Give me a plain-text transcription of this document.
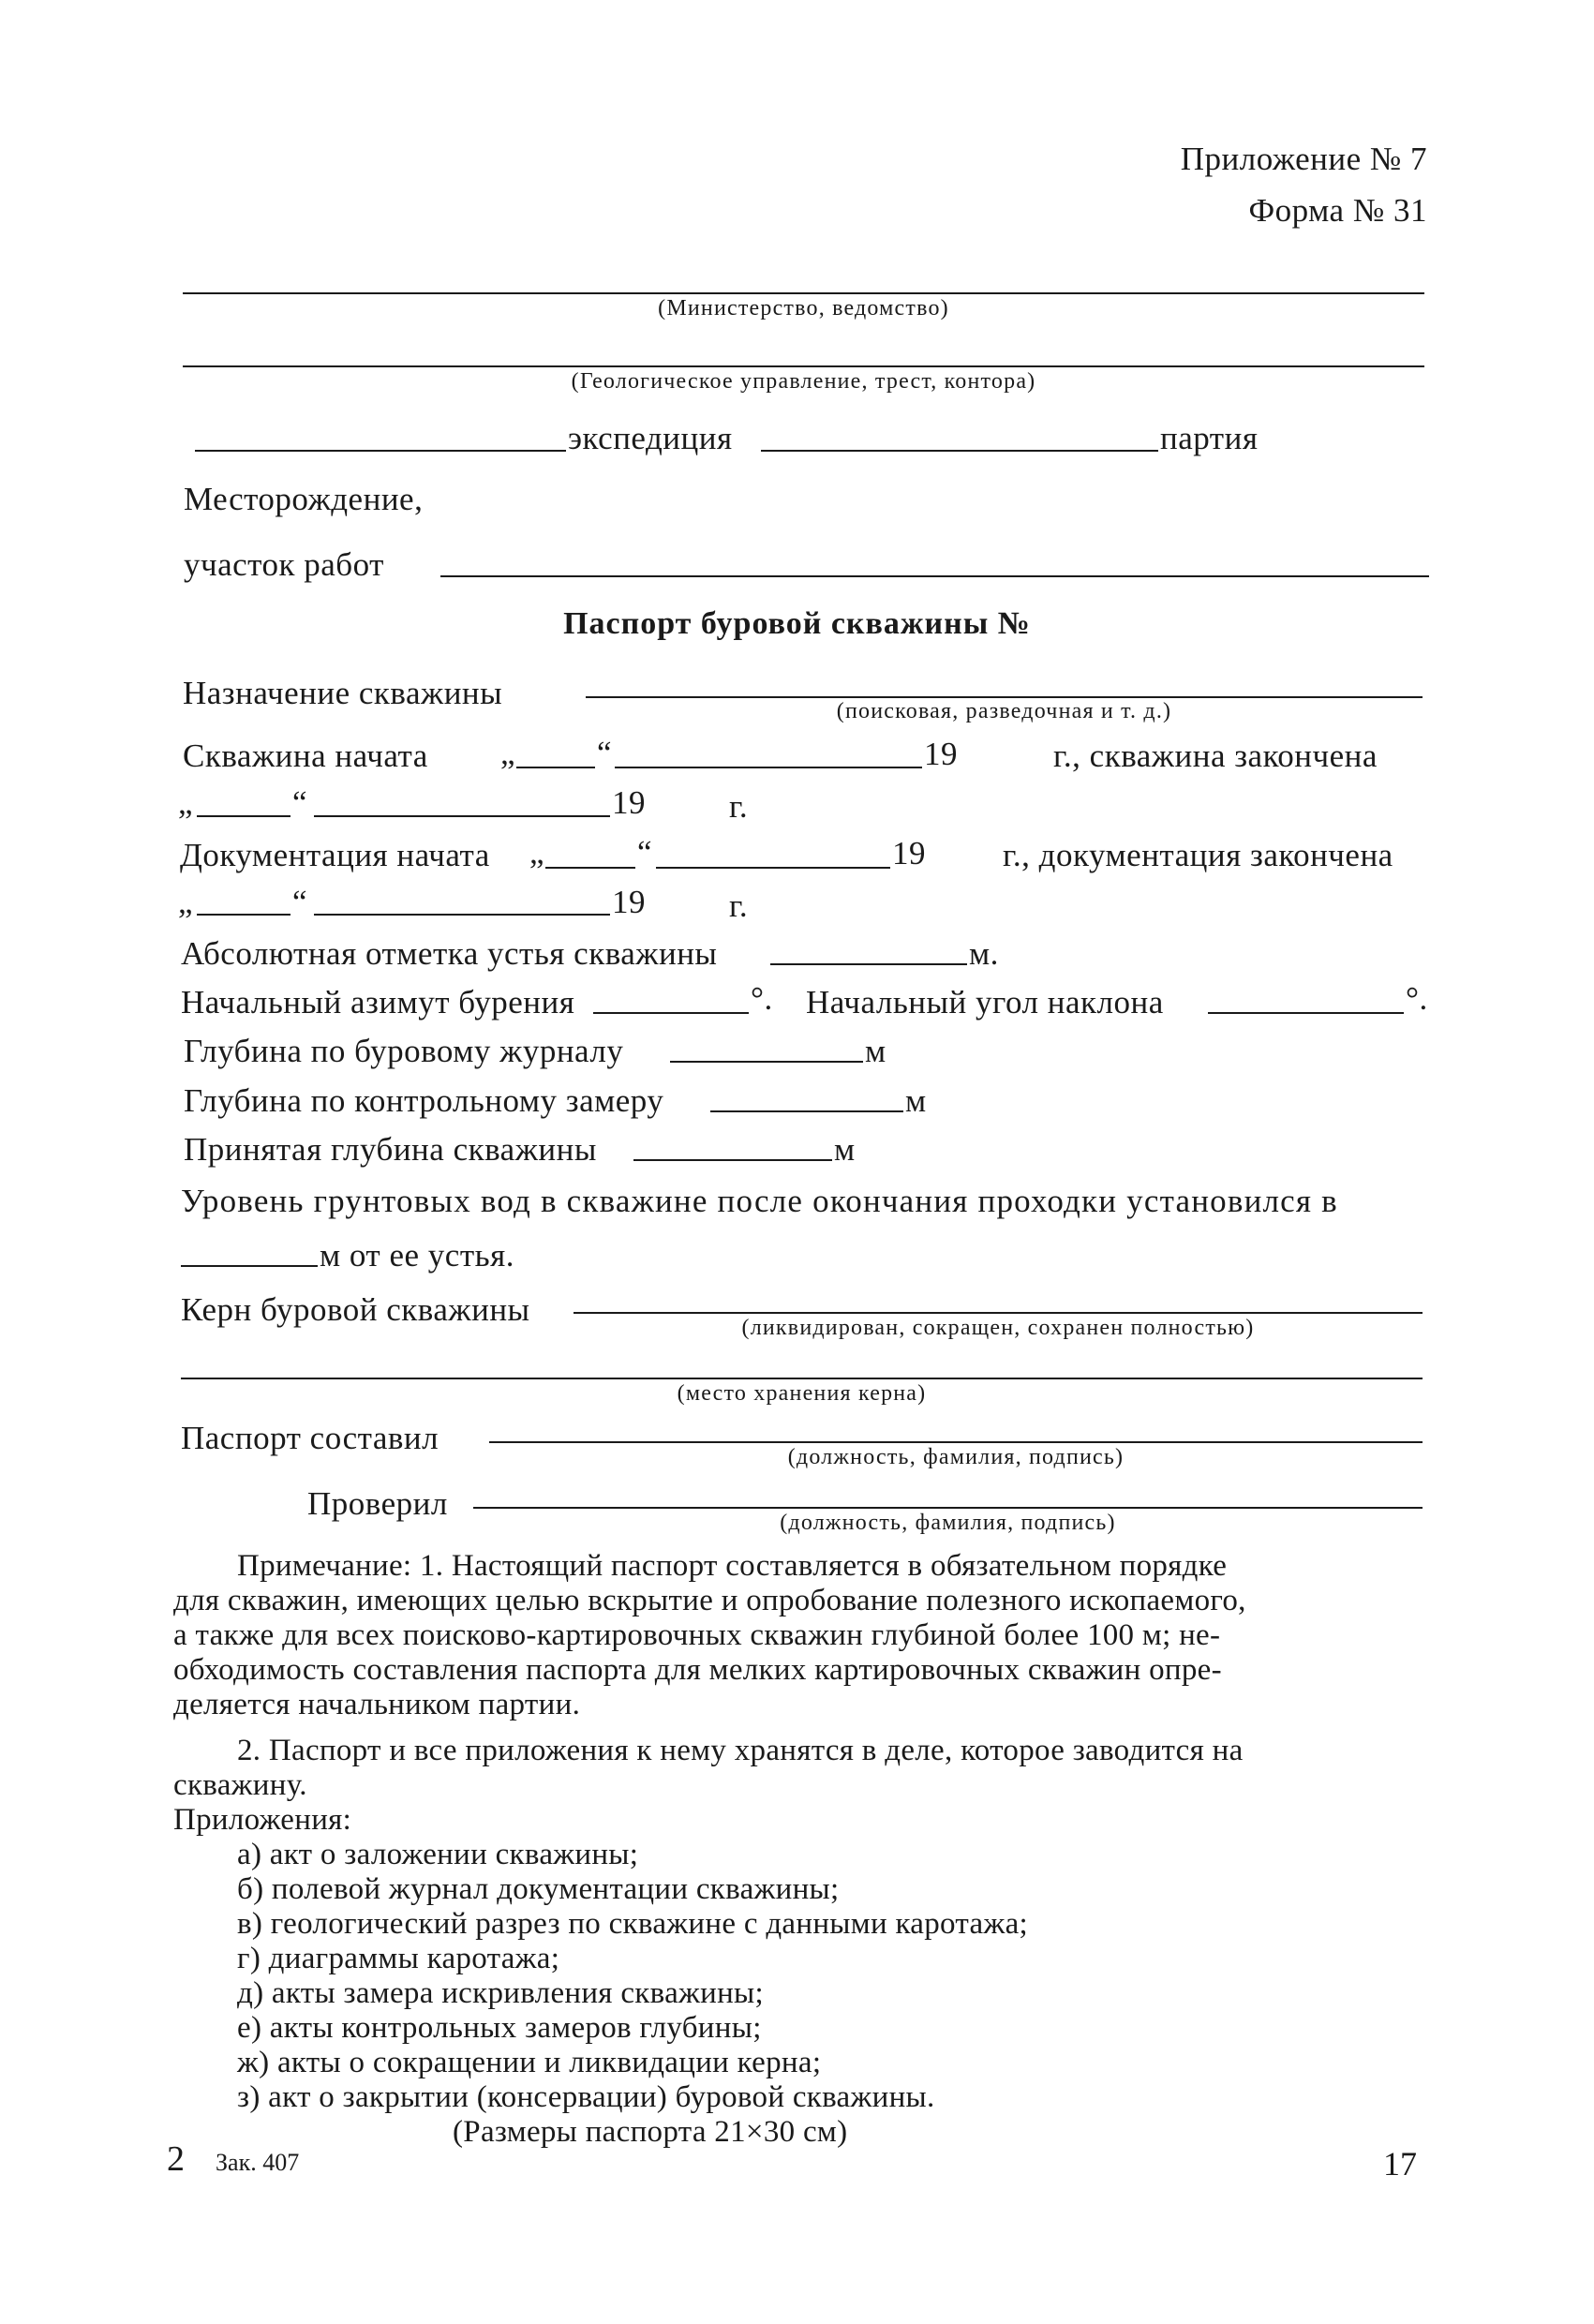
Приложение № 7
Форма № 31
(Министерство, ведомство)
(Геологическое управление, трест, контора)
экспедиция	партия
Месторождение,
участок работ
Паспорт буровой скважины №
Назначение скважины	(поисковая, разведочная и т. д.)
Скважина начата „ “	19	г., скважина закончена
„	“	19	г.
Документация начата „	“	19 г., документация закончена
„	“	19	г.
Абсолютная отметка устья скважины	м.
Начальный азимут бурения	°. Начальный угол наклона	°.
Глубина по буровому журналу	м
Глубина по контрольному замеру	м
Принятая глубина скважины	м
Уровень грунтовых вод в скважине после окончания проходки установился в
м от ее устья.
Керн буровой скважины	(ликвидирован, сокращен, сохранен полностью)
(место хранения керна)
Паспорт составил
(должность, фамилия, подпись)
Проверил
(должность, фамилия, подпись)
Примечание: 1. Настоящий паспорт составляется в обязательном порядке
для скважин, имеющих целью вскрытие и опробование полезного ископаемого,
а также для всех поисково-картировочных скважин глубиной более 100 м; не-
обходимость составления паспорта для мелких картировочных скважин опре-
деляется начальником партии.
2. Паспорт и все приложения к нему хранятся в деле, которое заводится на
скважину.
Приложения:
а) акт о заложении скважины;
б) полевой журнал документации скважины;
в) геологический разрез по скважине с данными каротажа;
г) диаграммы каротажа;
д) акты замера искривления скважины;
е) акты контрольных замеров глубины;
ж) акты о сокращении и ликвидации керна;
з) акт о закрытии (консервации) буровой скважины.
(Размеры паспорта 21×30 см)
2 Зак. 407	17
